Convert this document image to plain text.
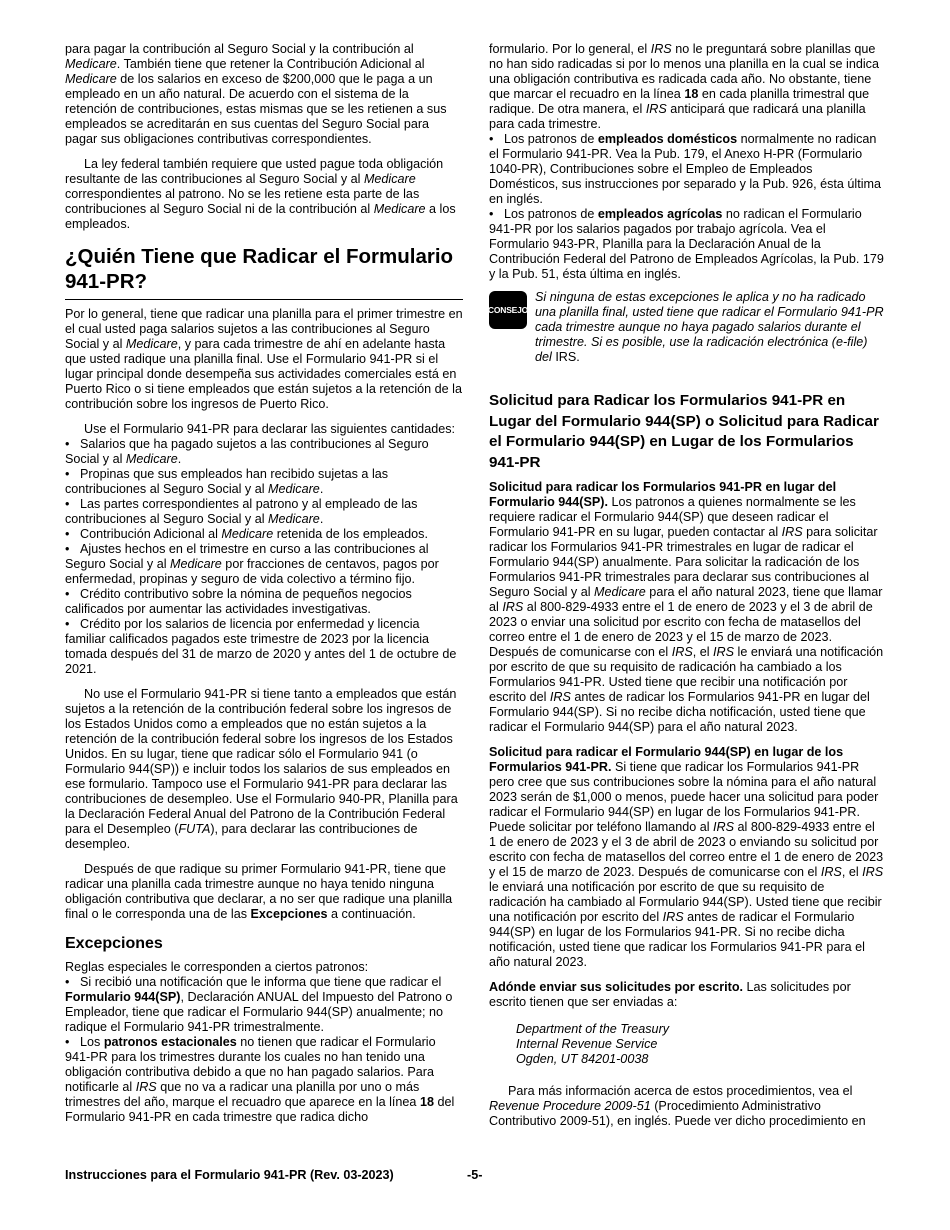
para pagar la contribución al Seguro Social y la contribución al Medicare. También tiene que retener la Contribución Adicional al Medicare de los salarios en exceso de $200,000 que le paga a un empleado en un año natural. De acuerdo con el sistema de la retención de contribuciones, estas mismas que se les retienen a sus empleados se acreditarán en sus cuentas del Seguro Social para pagar sus obligaciones contributivas correspondientes.

La ley federal también requiere que usted pague toda obligación resultante de las contribuciones al Seguro Social y al Medicare correspondientes al patrono. No se les retiene esta parte de las contribuciones al Seguro Social ni de la contribución al Medicare a los empleados.

¿Quién Tiene que Radicar el Formulario 941-PR?

Por lo general, tiene que radicar una planilla para el primer trimestre en el cual usted paga salarios sujetos a las contribuciones al Seguro Social y al Medicare, y para cada trimestre de ahí en adelante hasta que usted radique una planilla final. Use el Formulario 941-PR si el lugar principal donde desempeña sus actividades comerciales está en Puerto Rico o si tiene empleados que están sujetos a la retención de la contribución sobre los ingresos de Puerto Rico.

Use el Formulario 941-PR para declarar las siguientes cantidades:

• Salarios que ha pagado sujetos a las contribuciones al Seguro Social y al Medicare.

• Propinas que sus empleados han recibido sujetas a las contribuciones al Seguro Social y al Medicare.

• Las partes correspondientes al patrono y al empleado de las contribuciones al Seguro Social y al Medicare.

• Contribución Adicional al Medicare retenida de los empleados.

• Ajustes hechos en el trimestre en curso a las contribuciones al Seguro Social y al Medicare por fracciones de centavos, pagos por enfermedad, propinas y seguro de vida colectivo a término fijo.

• Crédito contributivo sobre la nómina de pequeños negocios calificados por aumentar las actividades investigativas.

• Crédito por los salarios de licencia por enfermedad y licencia familiar calificados pagados este trimestre de 2023 por la licencia tomada después del 31 de marzo de 2020 y antes del 1 de octubre de 2021.

No use el Formulario 941-PR si tiene tanto a empleados que están sujetos a la retención de la contribución federal sobre los ingresos de los Estados Unidos como a empleados que no están sujetos a la retención de la contribución federal sobre los ingresos de los Estados Unidos. En su lugar, tiene que radicar sólo el Formulario 941 (o Formulario 944(SP)) e incluir todos los salarios de sus empleados en ese formulario. Tampoco use el Formulario 941-PR para declarar las contribuciones de desempleo. Use el Formulario 940-PR, Planilla para la Declaración Federal Anual del Patrono de la Contribución Federal para el Desempleo (FUTA), para declarar las contribuciones de desempleo.

Después de que radique su primer Formulario 941-PR, tiene que radicar una planilla cada trimestre aunque no haya tenido ninguna obligación contributiva que declarar, a no ser que radique una planilla final o le corresponda una de las Excepciones a continuación.

Excepciones

Reglas especiales le corresponden a ciertos patronos:

• Si recibió una notificación que le informa que tiene que radicar el Formulario 944(SP), Declaración ANUAL del Impuesto del Patrono o Empleador, tiene que radicar el Formulario 944(SP) anualmente; no radique el Formulario 941-PR trimestralmente.

• Los patronos estacionales no tienen que radicar el Formulario 941-PR para los trimestres durante los cuales no han tenido una obligación contributiva debido a que no han pagado salarios. Para notificarle al IRS que no va a radicar una planilla por uno o más trimestres del año, marque el recuadro que aparece en la línea 18 del Formulario 941-PR en cada trimestre que radica dicho

formulario. Por lo general, el IRS no le preguntará sobre planillas que no han sido radicadas si por lo menos una planilla en la cual se indica una obligación contributiva es radicada cada año. No obstante, tiene que marcar el recuadro en la línea 18 en cada planilla trimestral que radique. De otra manera, el IRS anticipará que radicará una planilla para cada trimestre.

• Los patronos de empleados domésticos normalmente no radican el Formulario 941-PR. Vea la Pub. 179, el Anexo H-PR (Formulario 1040-PR), Contribuciones sobre el Empleo de Empleados Domésticos, sus instrucciones por separado y la Pub. 926, ésta última en inglés.

• Los patronos de empleados agrícolas no radican el Formulario 941-PR por los salarios pagados por trabajo agrícola. Vea el Formulario 943-PR, Planilla para la Declaración Anual de la Contribución Federal del Patrono de Empleados Agrícolas, la Pub. 179 y la Pub. 51, ésta última en inglés.

CONSEJO
Si ninguna de estas excepciones le aplica y no ha radicado una planilla final, usted tiene que radicar el Formulario 941-PR cada trimestre aunque no haya pagado salarios durante el trimestre. Si es posible, use la radicación electrónica (e-file) del IRS.
Solicitud para Radicar los Formularios 941-PR en Lugar del Formulario 944(SP) o Solicitud para Radicar el Formulario 944(SP) en Lugar de los Formularios 941-PR

Solicitud para radicar los Formularios 941-PR en lugar del Formulario 944(SP). Los patronos a quienes normalmente se les requiere radicar el Formulario 944(SP) que deseen radicar el Formulario 941-PR en su lugar, pueden contactar al IRS para solicitar radicar los Formularios 941-PR trimestrales en lugar de radicar el Formulario 944(SP) anualmente. Para solicitar la radicación de los Formularios 941-PR trimestrales para declarar sus contribuciones al Seguro Social y al Medicare para el año natural 2023, tiene que llamar al IRS al 800-829-4933 entre el 1 de enero de 2023 y el 3 de abril de 2023 o enviar una solicitud por escrito con fecha de matasellos del correo entre el 1 de enero de 2023 y el 15 de marzo de 2023. Después de comunicarse con el IRS, el IRS le enviará una notificación por escrito de que su requisito de radicación ha cambiado a los Formularios 941-PR. Usted tiene que recibir una notificación por escrito del IRS antes de radicar los Formularios 941-PR en lugar del Formulario 944(SP). Si no recibe dicha notificación, usted tiene que radicar el Formulario 944(SP) para el año natural 2023.

Solicitud para radicar el Formulario 944(SP) en lugar de los Formularios 941-PR. Si tiene que radicar los Formularios 941-PR pero cree que sus contribuciones sobre la nómina para el año natural 2023 serán de $1,000 o menos, puede hacer una solicitud para poder radicar el Formulario 944(SP) en lugar de los Formularios 941-PR. Puede solicitar por teléfono llamando al IRS al 800-829-4933 entre el 1 de enero de 2023 y el 3 de abril de 2023 o enviando su solicitud por escrito con fecha de matasellos del correo entre el 1 de enero de 2023 y el 15 de marzo de 2023. Después de comunicarse con el IRS, el IRS le enviará una notificación por escrito de que su requisito de radicación ha cambiado al Formulario 944(SP). Usted tiene que recibir una notificación por escrito del IRS antes de radicar el Formulario 944(SP) en lugar de los Formularios 941-PR. Si no recibe dicha notificación, usted tiene que radicar los Formularios 941-PR para el año natural 2023.

Adónde enviar sus solicitudes por escrito. Las solicitudes por escrito tienen que ser enviadas a:

Department of the Treasury
Internal Revenue Service
Ogden, UT 84201-0038

Para más información acerca de estos procedimientos, vea el Revenue Procedure 2009-51 (Procedimiento Administrativo Contributivo 2009-51), en inglés. Puede ver dicho procedimiento en

Instrucciones para el Formulario 941-PR (Rev. 03-2023)	-5-
